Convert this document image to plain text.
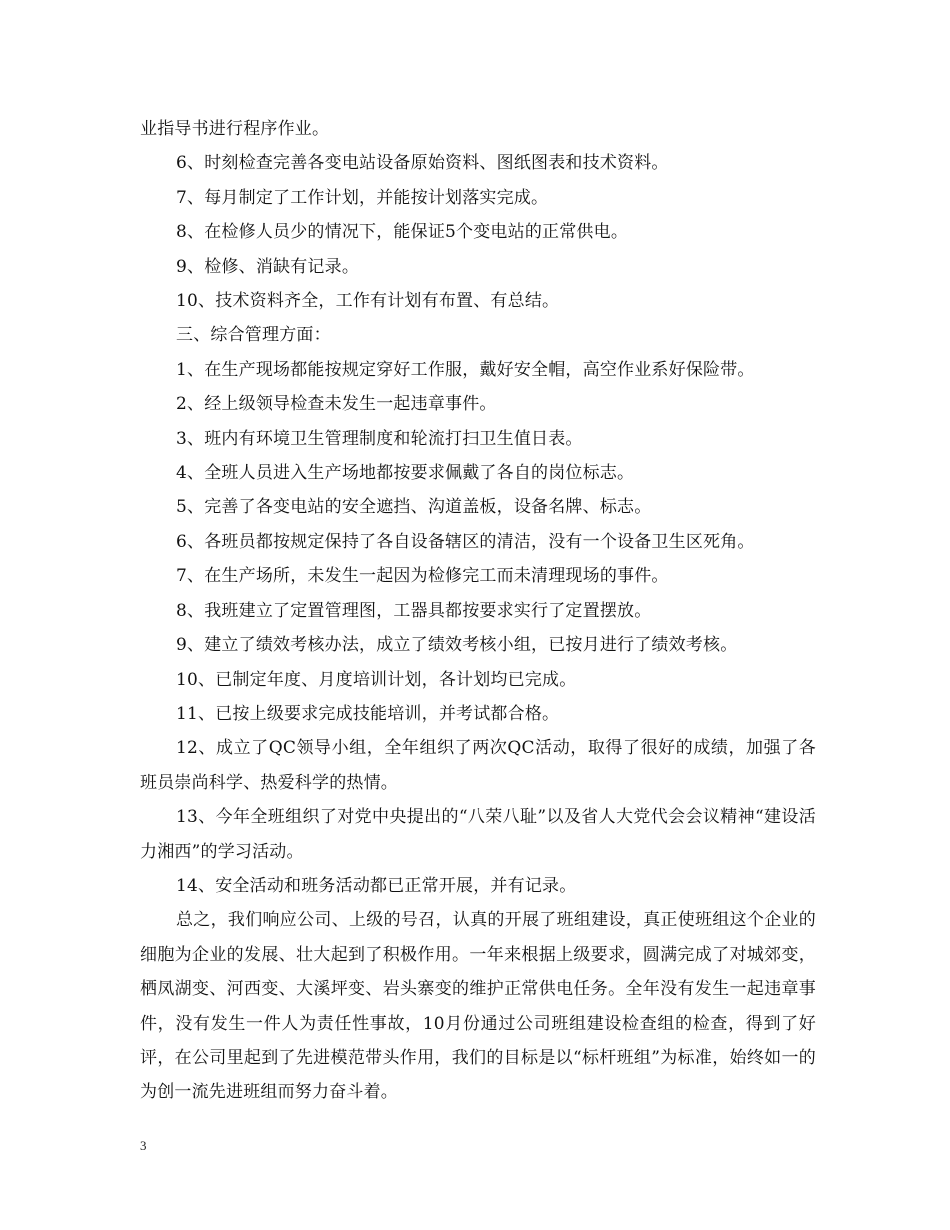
业指导书进行程序作业。

6、时刻检查完善各变电站设备原始资料、图纸图表和技术资料。

7、每月制定了工作计划，并能按计划落实完成。

8、在检修人员少的情况下，能保证5个变电站的正常供电。

9、检修、消缺有记录。

10、技术资料齐全，工作有计划有布置、有总结。

三、综合管理方面：

1、在生产现场都能按规定穿好工作服，戴好安全帽，高空作业系好保险带。

2、经上级领导检查未发生一起违章事件。

3、班内有环境卫生管理制度和轮流打扫卫生值日表。

4、全班人员进入生产场地都按要求佩戴了各自的岗位标志。

5、完善了各变电站的安全遮挡、沟道盖板，设备名牌、标志。

6、各班员都按规定保持了各自设备辖区的清洁，没有一个设备卫生区死角。

7、在生产场所，未发生一起因为检修完工而未清理现场的事件。

8、我班建立了定置管理图，工器具都按要求实行了定置摆放。

9、建立了绩效考核办法，成立了绩效考核小组，已按月进行了绩效考核。

10、已制定年度、月度培训计划，各计划均已完成。

11、已按上级要求完成技能培训，并考试都合格。

12、成立了QC领导小组，全年组织了两次QC活动，取得了很好的成绩，加强了各班员崇尚科学、热爱科学的热情。

13、今年全班组织了对党中央提出的“八荣八耻”以及省人大党代会会议精神“建设活力湘西”的学习活动。

14、安全活动和班务活动都已正常开展，并有记录。

总之，我们响应公司、上级的号召，认真的开展了班组建设，真正使班组这个企业的细胞为企业的发展、壮大起到了积极作用。一年来根据上级要求，圆满完成了对城郊变，栖凤湖变、河西变、大溪坪变、岩头寨变的维护正常供电任务。全年没有发生一起违章事件，没有发生一件人为责任性事故，10月份通过公司班组建设检查组的检查，得到了好评，在公司里起到了先进模范带头作用，我们的目标是以“标杆班组”为标准，始终如一的为创一流先进班组而努力奋斗着。

3
